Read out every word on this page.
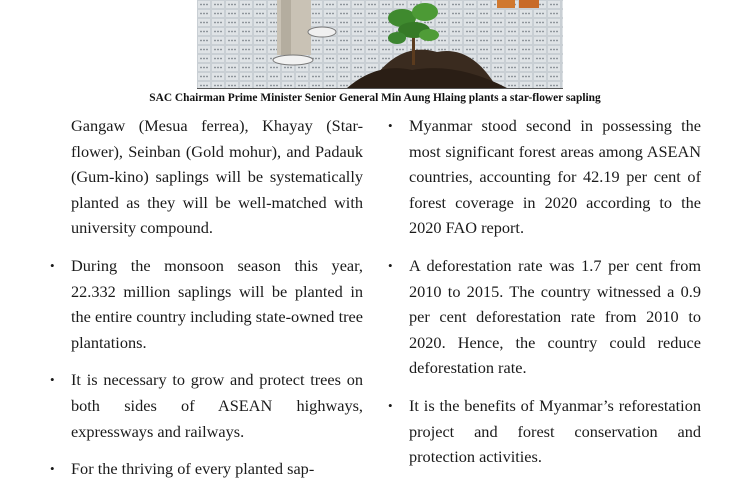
SAC Chairman Prime Minister Senior General Min Aung Hlaing plants a star-flower sapling

Gangaw (Mesua ferrea), Khayay (Star-flower), Seinban (Gold mohur), and Padauk (Gum-kino) saplings will be systematically planted as they will be well-matched with university compound.

• During the monsoon season this year, 22.332 million saplings will be planted in the entire country including state-owned tree plantations.

• It is necessary to grow and protect trees on both sides of ASEAN highways, expressways and railways.

• For the thriving of every planted sap-

• Myanmar stood second in possessing the most significant forest areas among ASEAN countries, accounting for 42.19 per cent of forest coverage in 2020 according to the 2020 FAO report.

• A deforestation rate was 1.7 per cent from 2010 to 2015. The country witnessed a 0.9 per cent deforestation rate from 2010 to 2020. Hence, the country could reduce deforestation rate.

• It is the benefits of Myanmar’s reforestation project and forest conservation and protection activities.
